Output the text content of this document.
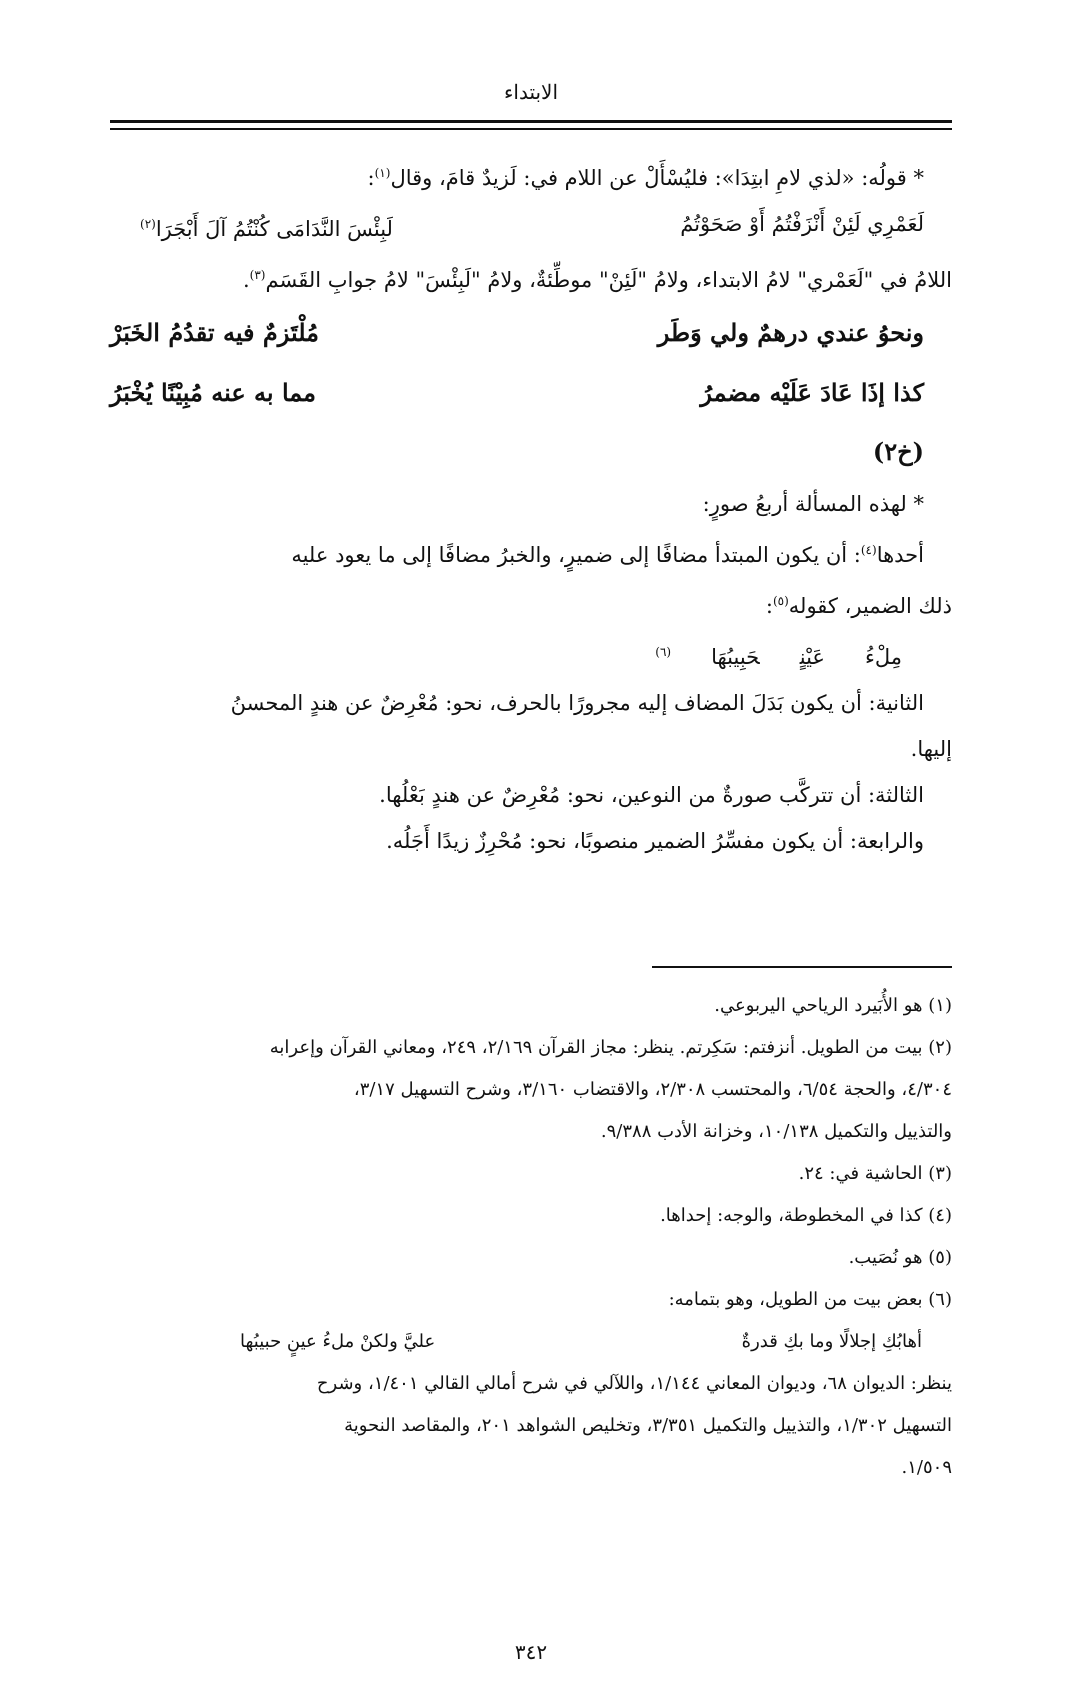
الابتداء
* قولُه: «لذي لامِ ابتِدَا»: فليُسْأَلْ عن اللام في: لَزيدٌ قامَ، وقال$^{(١)}$:
لَعَمْرِي لَئِنْ أَنْزَفْتُمُ أَوْ صَحَوْتُمُ
لَبِئْسَ النَّدَامَى كُنْتُمُ آلَ أَبْجَرَا$^{(٢)}$
اللامُ في "لَعَمْري" لامُ الابتداء، ولامُ "لَئِنْ" موطِّئةٌ، ولامُ "لَبِئْسَ" لامُ جوابِ القَسَم$^{(٣)}$.
ونحوُ عندي درهمٌ ولي وَطَر
مُلْتَزمٌ فيه تقدُمُ الخَبَرْ
كذا إذَا عَادَ عَلَيْه مضمرُ
مما به عنه مُبِيْنًا يُخْبَرُ
(خ٢)
* لهذه المسألة أربعُ صورٍ:
أحدها$^{(٤)}$: أن يكون المبتدأ مضافًا إلى ضميرٍ، والخبرُ مضافًا إلى ما يعود عليه
ذلك الضمير، كقوله$^{(٥)}$:
مِلْءُعَيْنٍحَبِيبُهَا$^{(٦)}$
الثانية: أن يكون بَدَلَ المضاف إليه مجرورًا بالحرف، نحو: مُعْرِضٌ عن هندٍ المحسنُ
إليها.
الثالثة: أن تتركَّب صورةٌ من النوعين، نحو: مُعْرِضٌ عن هندٍ بَعْلُها.
والرابعة: أن يكون مفسِّرُ الضمير منصوبًا، نحو: مُحْرِزٌ زيدًا أَجَلُه.
(١) هو الأُبَيرد الرياحي اليربوعي.
(٢) بيت من الطويل. أنزفتم: سَكِرتم. ينظر: مجاز القرآن ٢/١٦٩، ٢٤٩، ومعاني القرآن وإعرابه
٤/٣٠٤، والحجة ٦/٥٤، والمحتسب ٢/٣٠٨، والاقتضاب ٣/١٦٠، وشرح التسهيل ٣/١٧،
والتذييل والتكميل ١٠/١٣٨، وخزانة الأدب ٩/٣٨٨.
(٣) الحاشية في: ٢٤.
(٤) كذا في المخطوطة، والوجه: إحداها.
(٥) هو نُصَيب.
(٦) بعض بيت من الطويل، وهو بتمامه:
أهابُكِ إجلالًا وما بكِ قدرةٌ
عليَّ ولكنْ ملءُ عينٍ حبيبُها
ينظر: الديوان ٦٨، وديوان المعاني ١/١٤٤، واللآلي في شرح أمالي القالي ١/٤٠١، وشرح
التسهيل ١/٣٠٢، والتذييل والتكميل ٣/٣٥١، وتخليص الشواهد ٢٠١، والمقاصد النحوية
١/٥٠٩.
٣٤٢
